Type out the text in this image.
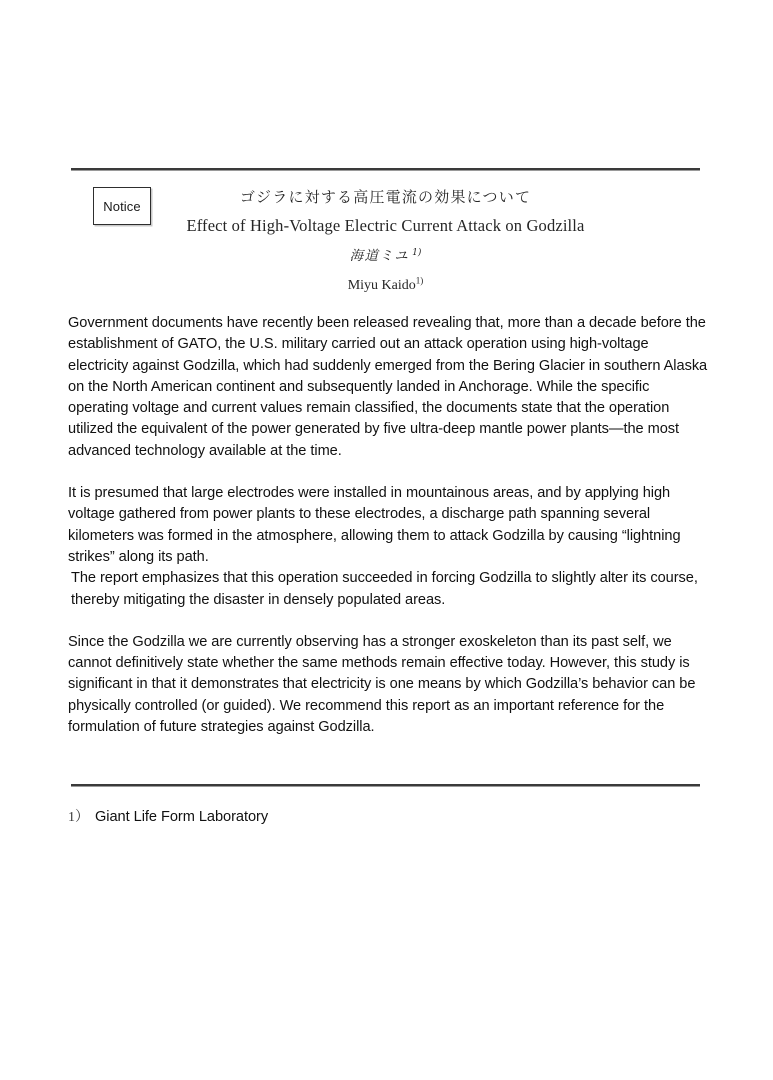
Notice	ゴジラに対する高圧電流の効果について
Effect of High-Voltage Electric Current Attack on Godzilla
海道ミユ $^{1)}$
Miyu Kaido$^{1)}$

Government documents have recently been released revealing that, more than a decade before the establishment of GATO, the U.S. military carried out an attack operation using high-voltage electricity against Godzilla, which had suddenly emerged from the Bering Glacier in southern Alaska on the North American continent and subsequently landed in Anchorage. While the specific operating voltage and current values remain classified, the documents state that the operation utilized the equivalent of the power generated by five ultra-deep mantle power plants—the most advanced technology available at the time.

It is presumed that large electrodes were installed in mountainous areas, and by applying high voltage gathered from power plants to these electrodes, a discharge path spanning several kilometers was formed in the atmosphere, allowing them to attack Godzilla by causing “lightning strikes” along its path.

The report emphasizes that this operation succeeded in forcing Godzilla to slightly alter its course, thereby mitigating the disaster in densely populated areas.

Since the Godzilla we are currently observing has a stronger exoskeleton than its past self, we cannot definitively state whether the same methods remain effective today. However, this study is significant in that it demonstrates that electricity is one means by which Godzilla’s behavior can be physically controlled (or guided). We recommend this report as an important reference for the formulation of future strategies against Godzilla.

1） Giant Life Form Laboratory
